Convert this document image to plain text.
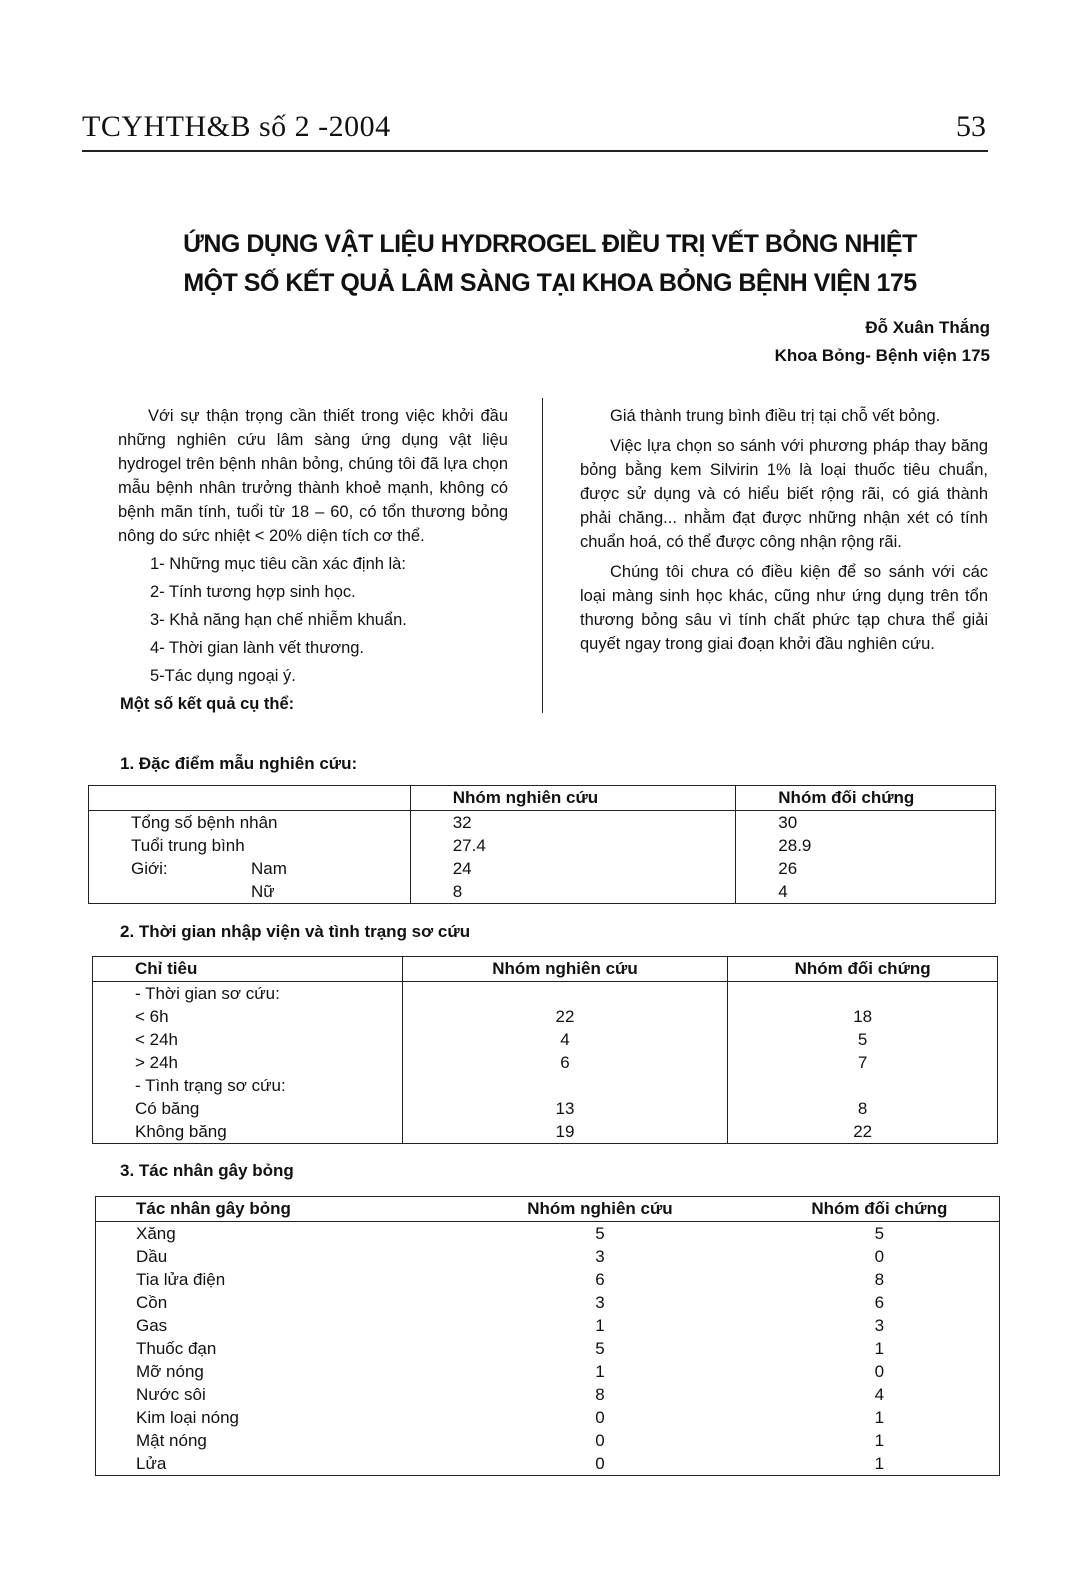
TCYHTH&B số 2 -2004	53
ỨNG DỤNG VẬT LIỆU HYDRROGEL ĐIỀU TRỊ VẾT BỎNG NHIỆT
MỘT SỐ KẾT QUẢ LÂM SÀNG TẠI KHOA BỎNG BỆNH VIỆN 175
Đỗ Xuân Thắng
Khoa Bỏng- Bệnh viện 175

Với sự thận trọng cần thiết trong việc khởi đầu những nghiên cứu lâm sàng ứng dụng vật liệu hydrogel trên bệnh nhân bỏng, chúng tôi đã lựa chọn mẫu bệnh nhân trưởng thành khoẻ mạnh, không có bệnh mãn tính, tuổi từ 18 – 60, có tổn thương bỏng nông do sức nhiệt < 20% diện tích cơ thể.

1- Những mục tiêu cần xác định là:

2- Tính tương hợp sinh học.

3- Khả năng hạn chế nhiễm khuẩn.

4- Thời gian lành vết thương.

5-Tác dụng ngoại ý.

Một số kết quả cụ thể:

Giá thành trung bình điều trị tại chỗ vết bỏng.

Việc lựa chọn so sánh với phương pháp thay băng bỏng bằng kem Silvirin 1% là loại thuốc tiêu chuẩn, được sử dụng và có hiểu biết rộng rãi, có giá thành phải chăng... nhằm đạt được những nhận xét có tính chuẩn hoá, có thể được công nhận rộng rãi.

Chúng tôi chưa có điều kiện để so sánh với các loại màng sinh học khác, cũng như ứng dụng trên tổn thương bỏng sâu vì tính chất phức tạp chưa thể giải quyết ngay trong giai đoạn khởi đầu nghiên cứu.

1. Đặc điểm mẫu nghiên cứu:
	Nhóm nghiên cứu	Nhóm đối chứng
Tổng số bệnh nhân	32	30
Tuổi trung bình	27.4	28.9
Giới: Nam	24	26
Nữ	8	4
2. Thời gian nhập viện và tình trạng sơ cứu
Chỉ tiêu	Nhóm nghiên cứu	Nhóm đối chứng
- Thời gian sơ cứu:		
< 6h	22	18
< 24h	4	5
> 24h	6	7
- Tình trạng sơ cứu:		
Có băng	13	8
Không băng	19	22
3. Tác nhân gây bỏng
Tác nhân gây bỏng	Nhóm nghiên cứu	Nhóm đối chứng
Xăng	5	5
Dầu	3	0
Tia lửa điện	6	8
Cồn	3	6
Gas	1	3
Thuốc đạn	5	1
Mỡ nóng	1	0
Nước sôi	8	4
Kim loại nóng	0	1
Mật nóng	0	1
Lửa	0	1
